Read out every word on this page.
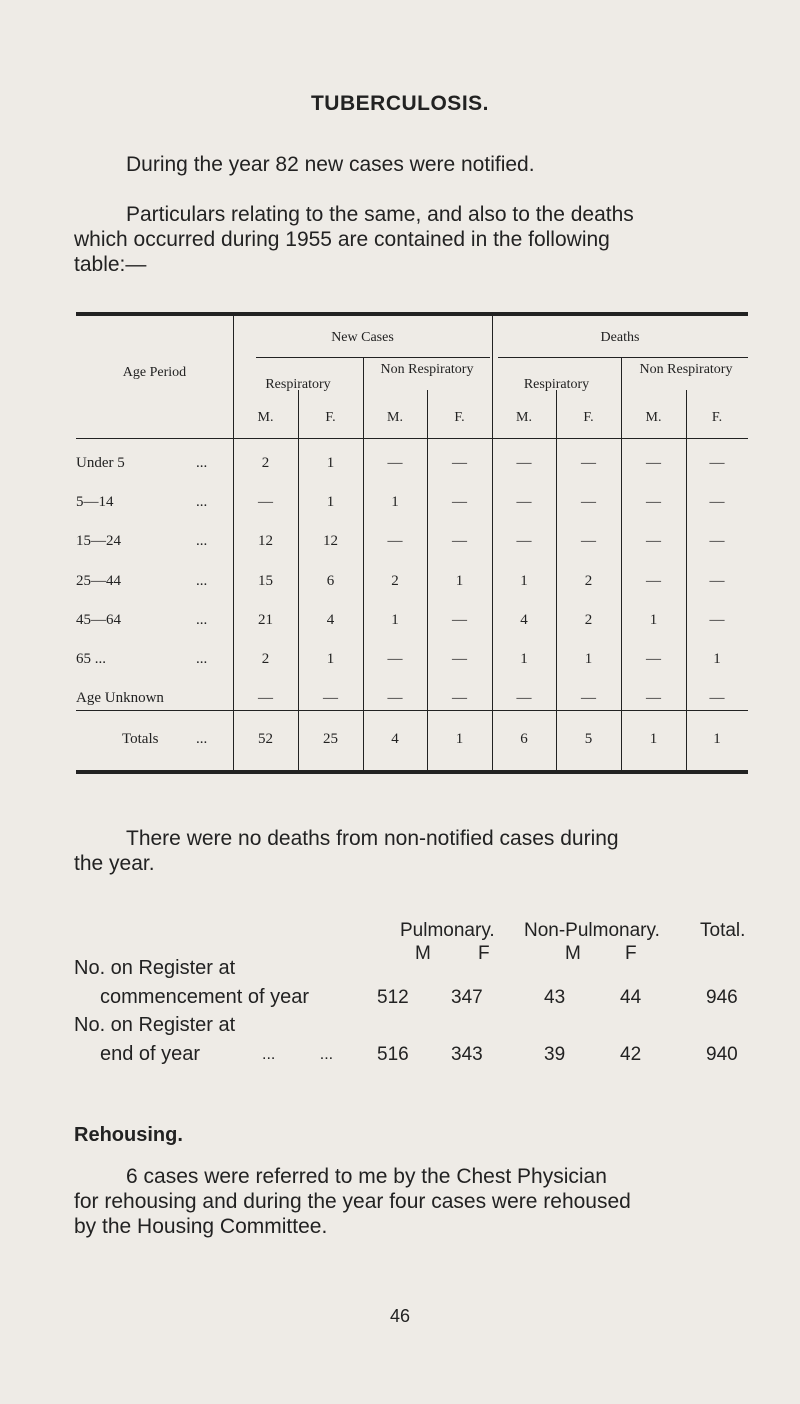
TUBERCULOSIS.
During the year 82 new cases were notified.
Particulars relating to the same, and also to the deaths
which occurred during 1955 are contained in the following
table:—
Age Period
New Cases	Deaths
Respiratory
Non Respiratory
Respiratory
Non Respiratory
M.	F.	M.	F.	M.	F.	M.	F.
Under 5	...	2	1	—	—	—	—	—	—
5—14	...	—	1	1	—	—	—	—	—
15—24	...	12	12	—	—	—	—	—	—
25—44	...	15	6	2	1	1	2	—	—
45—64	...	21	4	1	—	4	2	1	—
65 ...	...	2	1	—	—	1	1	—	1
Age Unknown	—	—	—	—	—	—	—	—
Totals	...	52	25	4	1	6	5	1	1
There were no deaths from non-notified cases during
the year.
Pulmonary. Non-Pulmonary. Total.
M F	M F
No. on Register at
commencement of year	512 347	43	44	946
No. on Register at
end of year	...          ... 516 343	39	42	940
Rehousing.
6 cases were referred to me by the Chest Physician
for rehousing and during the year four cases were rehoused
by the Housing Committee.
46
